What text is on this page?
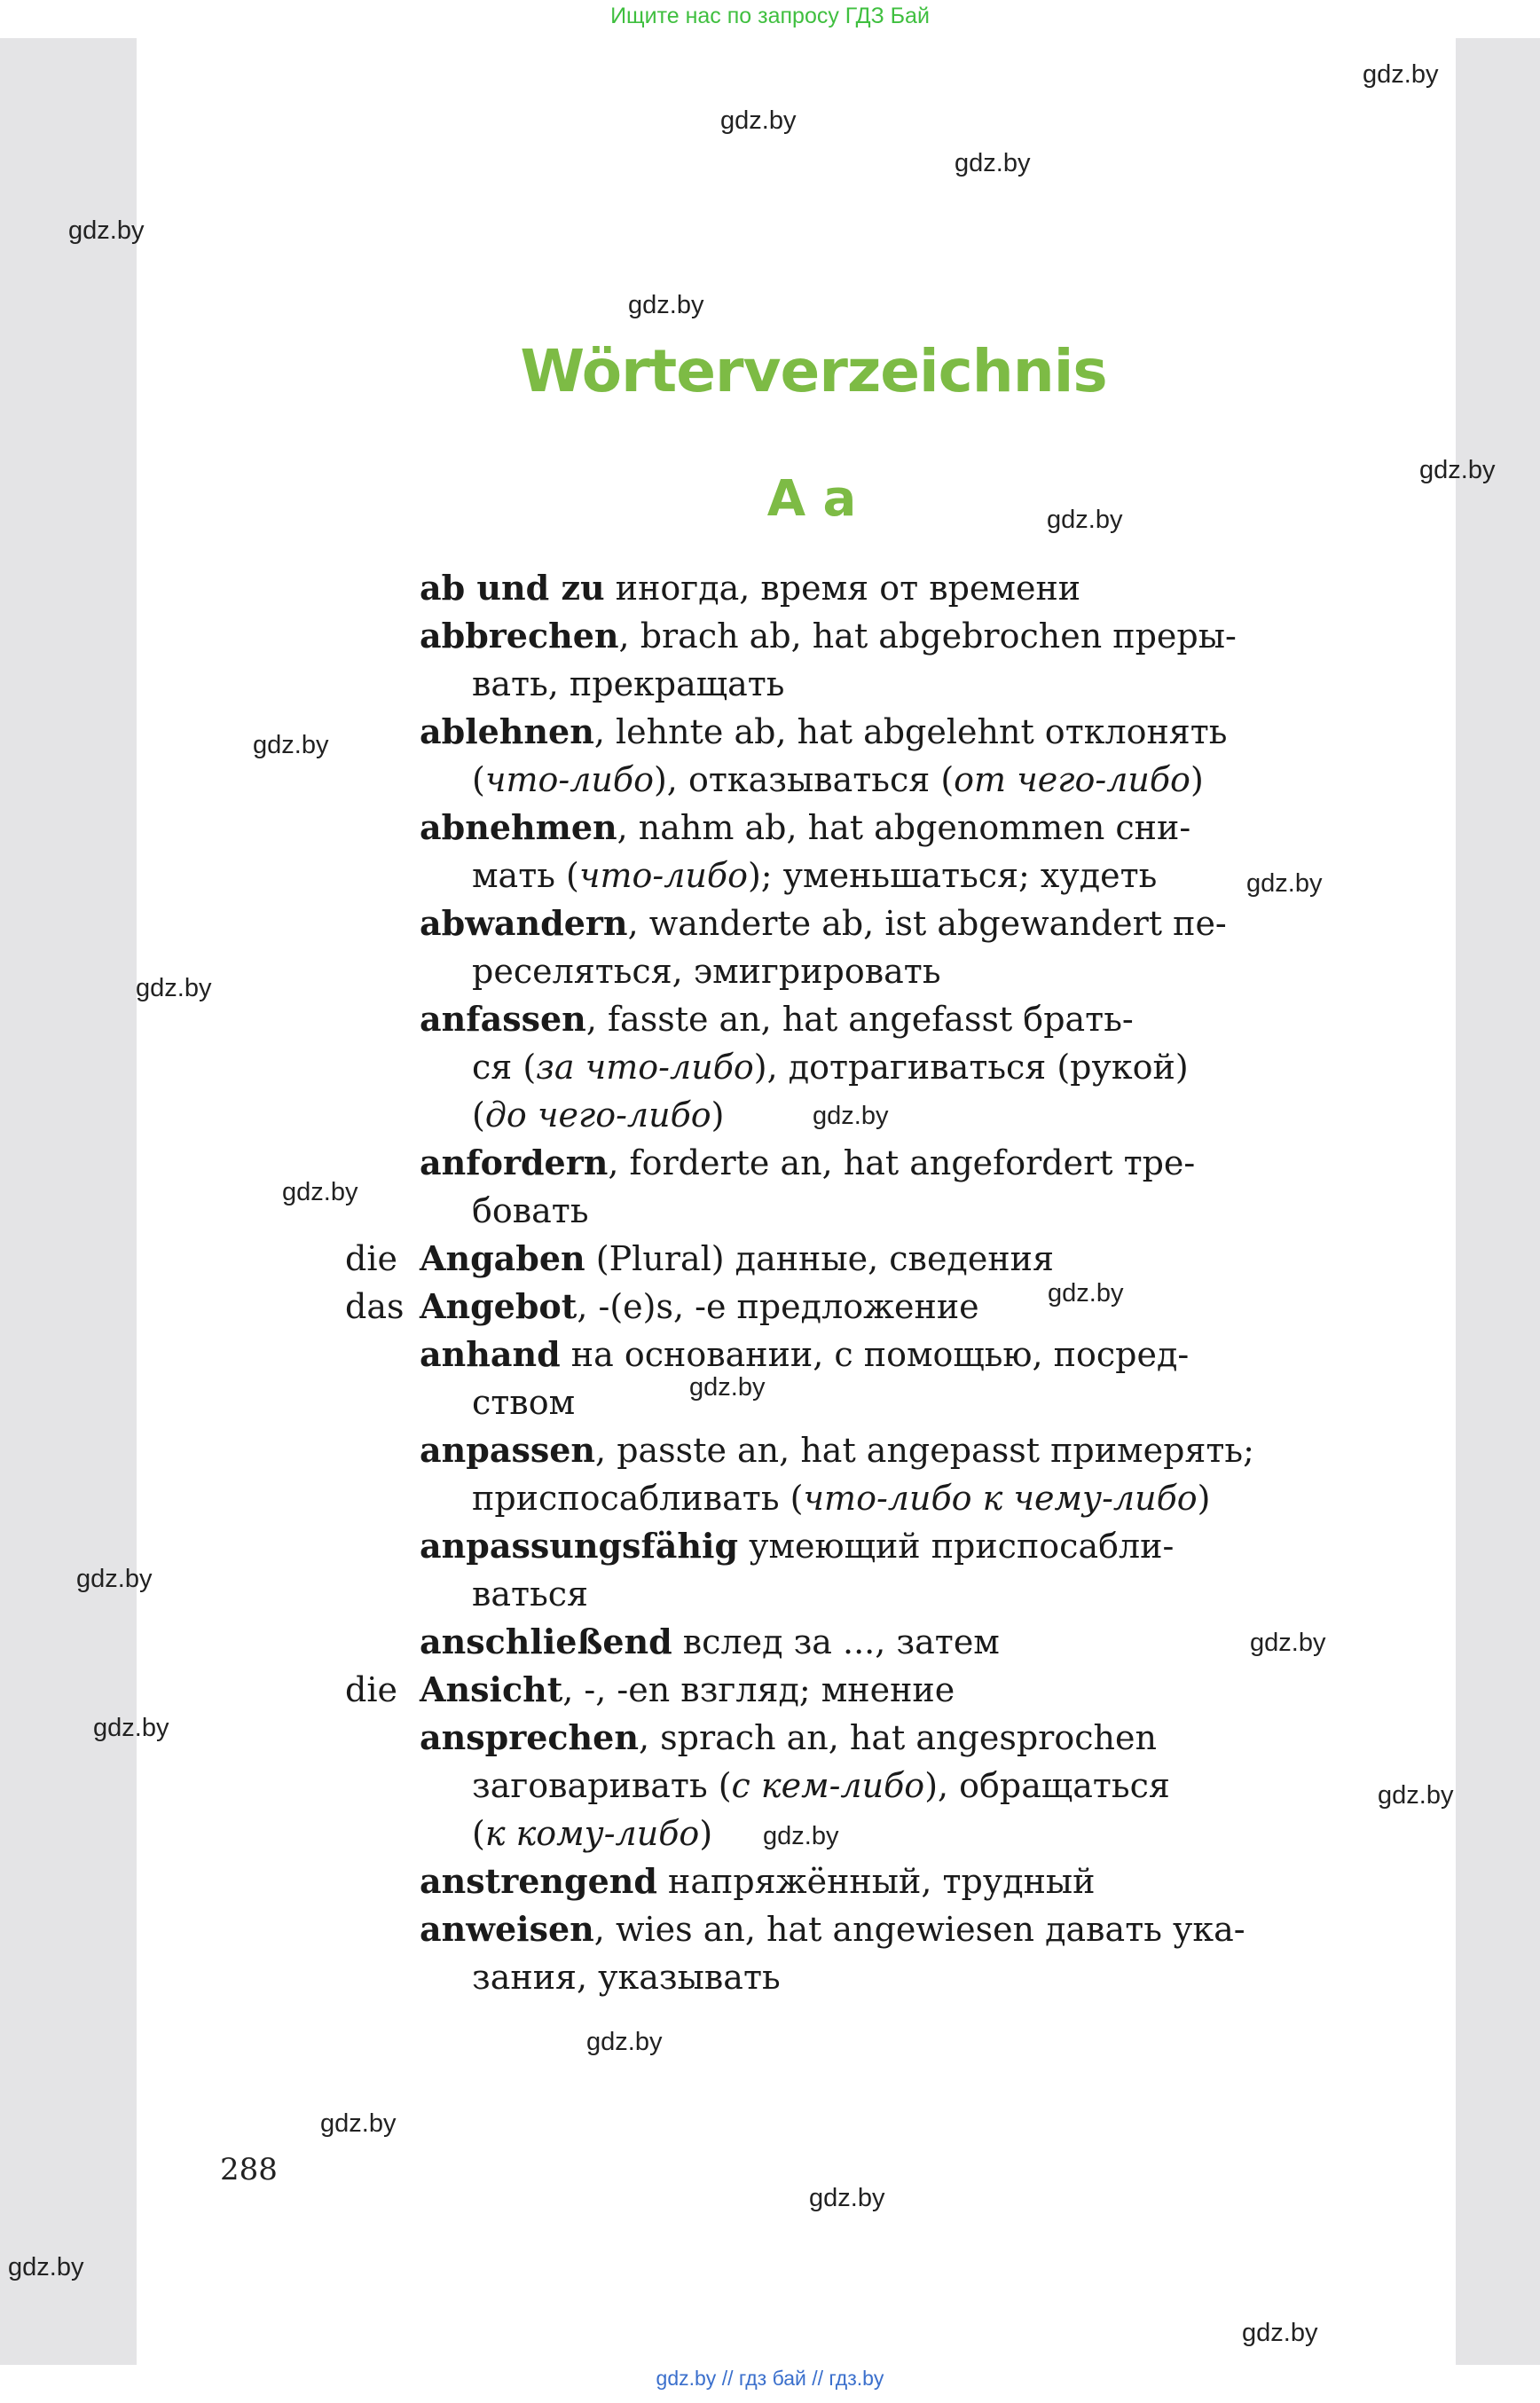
Ищите нас по запросу ГДЗ Бай
gdz.by
gdz.by
gdz.by
gdz.by
gdz.by
gdz.by
gdz.by
gdz.by
gdz.by
gdz.by
gdz.by
gdz.by
gdz.by
gdz.by
gdz.by
gdz.by
gdz.by
gdz.by
gdz.by
gdz.by
gdz.by
gdz.by
gdz.by
gdz.by
Wörterverzeichnis
A a
ab und zu иногда, время от времени
abbrechen, brach ab, hat abgebrochen преры-
вать, прекращать
ablehnen, lehnte ab, hat abgelehnt отклонять
(что-либо), отказываться (от чего-либо)
abnehmen, nahm ab, hat abgenommen сни-
мать (что-либо); уменьшаться; худеть
abwandern, wanderte ab, ist abgewandert пе-
реселяться, эмигрировать
anfassen, fasste an, hat angefasst брать-
ся (за что-либо), дотрагиваться (рукой)
(до чего-либо)
anfordern, forderte an, hat angefordert тре-
бовать
die Angaben (Plural) данные, сведения
das Angebot, -(e)s, -e предложение
anhand на основании, с помощью, посред-
ством
anpassen, passte an, hat angepasst примерять;
приспосабливать (что-либо к чему-либо)
anpassungsfähig умеющий приспосабли-
ваться
anschließend вслед за ..., затем
die Ansicht, -, -en взгляд; мнение
ansprechen, sprach an, hat angesprochen
заговаривать (с кем-либо), обращаться
(к кому-либо)
anstrengend напряжённый, трудный
anweisen, wies an, hat angewiesen давать ука-
зания, указывать
288
gdz.by // гдз бай // гдз.by
